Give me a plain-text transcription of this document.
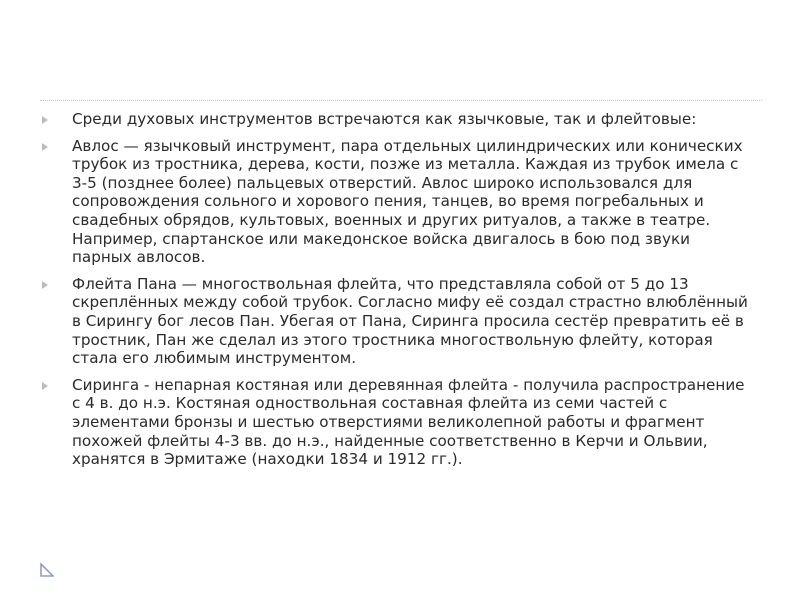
Среди духовых инструментов встречаются как язычковые, так и флейтовые:
Авлос — язычковый инструмент, пара отдельных цилиндрических или конических трубок из тростника, дерева, кости, позже из металла. Каждая из трубок имела с 3-5 (позднее более) пальцевых отверстий. Авлос широко использовался для сопровождения сольного и хорового пения, танцев, во время погребальных и свадебных обрядов, культовых, военных и других ритуалов, а также в театре. Например, спартанское или македонское войска двигалось в бою под звуки парных авлосов.
Флейта Пана — многоствольная флейта, что представляла собой от 5 до 13 скреплённых между собой трубок. Согласно мифу её создал страстно влюблённый в Сирингу бог лесов Пан. Убегая от Пана, Сиринга просила сестёр превратить её в тростник, Пан же сделал из этого тростника многоствольную флейту, которая стала его любимым инструментом.
Сиринга - непарная костяная или деревянная флейта - получила распространение с 4 в. до н.э. Костяная одноствольная составная флейта из семи частей с элементами бронзы и шестью отверстиями великолепной работы и фрагмент похожей флейты 4-3 вв. до н.э., найденные соответственно в Керчи и Ольвии, хранятся в Эрмитаже (находки 1834 и 1912 гг.).
